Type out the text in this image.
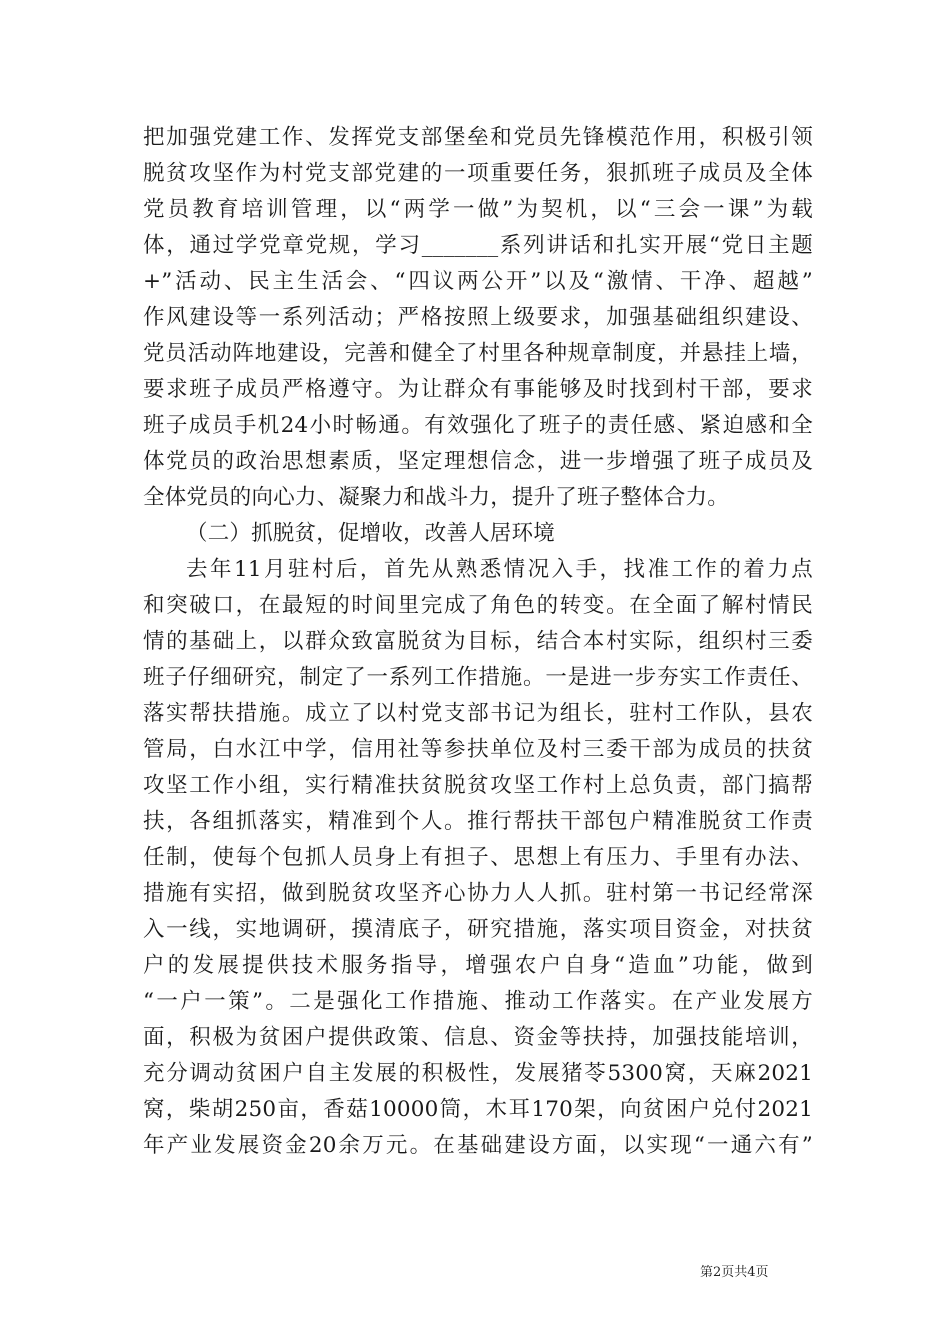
把加强党建工作、发挥党支部堡垒和党员先锋模范作用，积极引领
脱贫攻坚作为村党支部党建的一项重要任务，狠抓班子成员及全体
党员教育培训管理，以“两学一做”为契机，以“三会一课”为载
体，通过学党章党规，学习_______系列讲话和扎实开展“党日主题
+”活动、民主生活会、“四议两公开”以及“激情、干净、超越”
作风建设等一系列活动；严格按照上级要求，加强基础组织建设、
党员活动阵地建设，完善和健全了村里各种规章制度，并悬挂上墙，
要求班子成员严格遵守。为让群众有事能够及时找到村干部，要求
班子成员手机24小时畅通。有效强化了班子的责任感、紧迫感和全
体党员的政治思想素质，坚定理想信念，进一步增强了班子成员及
全体党员的向心力、凝聚力和战斗力，提升了班子整体合力。
（二）抓脱贫，促增收，改善人居环境
去年11月驻村后，首先从熟悉情况入手，找准工作的着力点
和突破口，在最短的时间里完成了角色的转变。在全面了解村情民
情的基础上，以群众致富脱贫为目标，结合本村实际，组织村三委
班子仔细研究，制定了一系列工作措施。一是进一步夯实工作责任、
落实帮扶措施。成立了以村党支部书记为组长，驻村工作队，县农
管局，白水江中学，信用社等参扶单位及村三委干部为成员的扶贫
攻坚工作小组，实行精准扶贫脱贫攻坚工作村上总负责，部门搞帮
扶，各组抓落实，精准到个人。推行帮扶干部包户精准脱贫工作责
任制，使每个包抓人员身上有担子、思想上有压力、手里有办法、
措施有实招，做到脱贫攻坚齐心协力人人抓。驻村第一书记经常深
入一线，实地调研，摸清底子，研究措施，落实项目资金，对扶贫
户的发展提供技术服务指导，增强农户自身“造血”功能，做到
“一户一策”。二是强化工作措施、推动工作落实。在产业发展方
面，积极为贫困户提供政策、信息、资金等扶持，加强技能培训，
充分调动贫困户自主发展的积极性，发展猪苓5300窝，天麻2021
窝，柴胡250亩，香菇10000筒，木耳170架，向贫困户兑付2021
年产业发展资金20余万元。在基础建设方面，以实现“一通六有”
第2页共4页
